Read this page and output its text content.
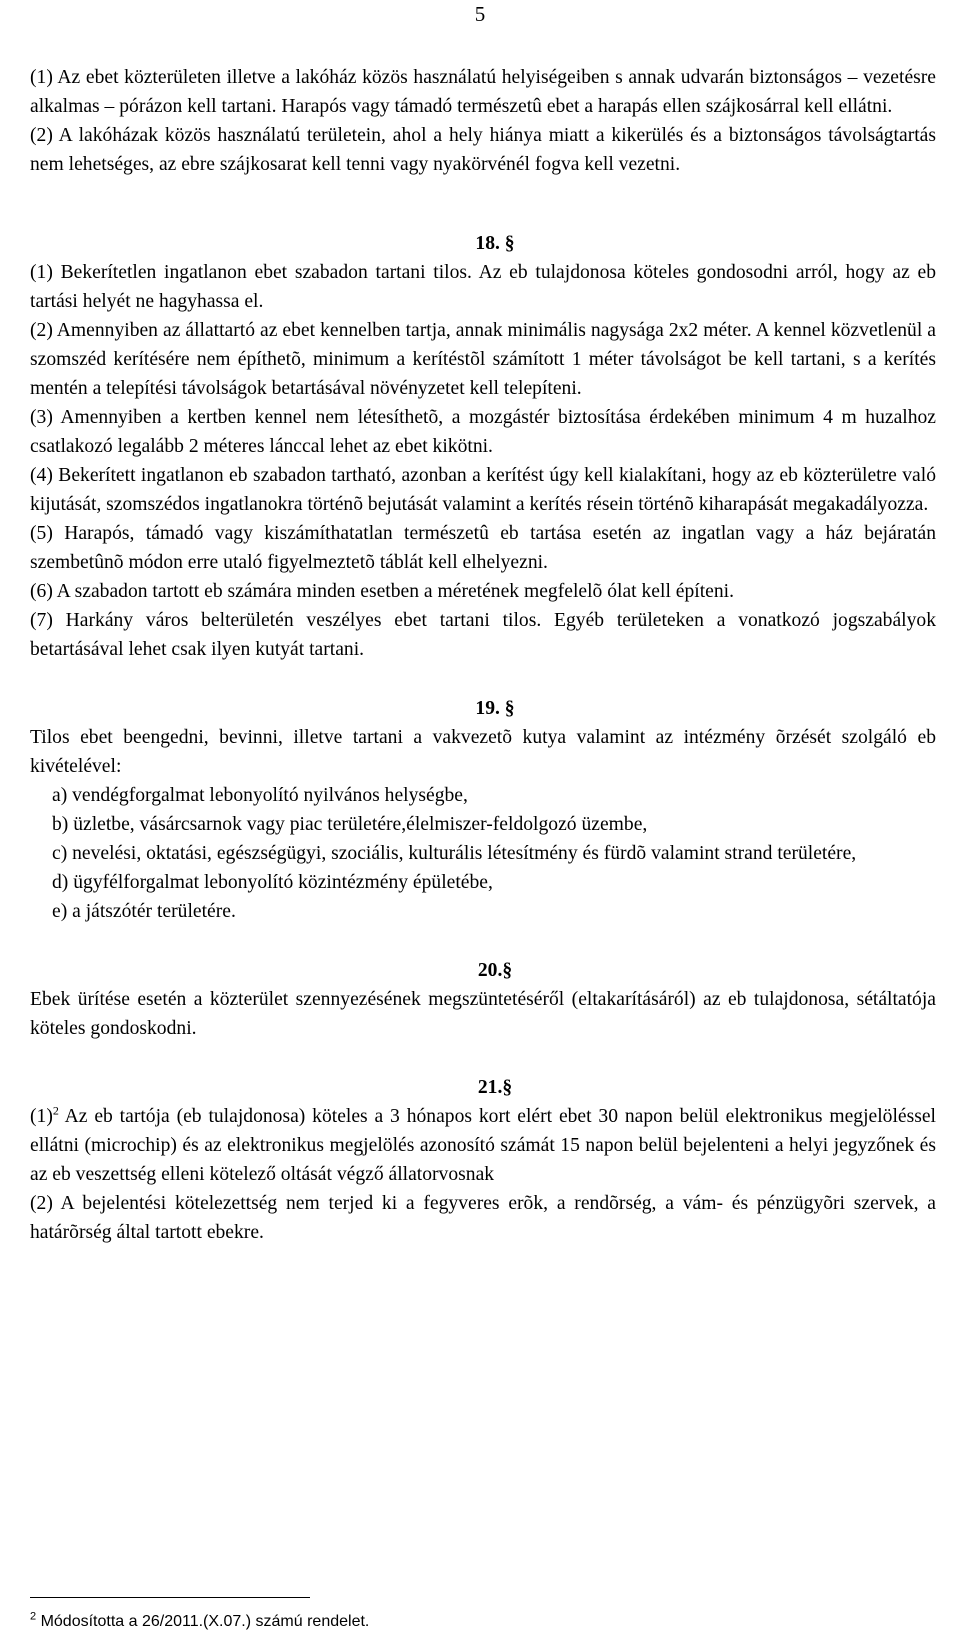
5

(1) Az ebet közterületen illetve a lakóház közös használatú helyiségeiben s annak udvarán biztonságos – vezetésre alkalmas – pórázon kell tartani. Harapós vagy támadó természetû ebet a harapás ellen szájkosárral kell ellátni.

(2) A lakóházak közös használatú területein, ahol a hely hiánya miatt a kikerülés és a biztonságos távolságtartás nem lehetséges, az ebre szájkosarat kell tenni vagy nyakörvénél fogva kell vezetni.

18. §

(1) Bekerítetlen ingatlanon ebet szabadon tartani tilos. Az eb tulajdonosa köteles gondosodni arról, hogy az eb tartási helyét ne hagyhassa el.

(2) Amennyiben az állattartó az ebet kennelben tartja, annak minimális nagysága 2x2 méter. A kennel közvetlenül a szomszéd kerítésére nem építhetõ, minimum a kerítéstõl számított 1 méter távolságot be kell tartani, s a kerítés mentén a telepítési távolságok betartásával növényzetet kell telepíteni.

(3) Amennyiben a kertben kennel nem létesíthetõ, a mozgástér biztosítása érdekében minimum 4 m huzalhoz csatlakozó legalább 2 méteres lánccal lehet az ebet kikötni.

(4) Bekerített ingatlanon eb szabadon tartható, azonban a kerítést úgy kell kialakítani, hogy az eb közterületre való kijutását, szomszédos ingatlanokra történõ bejutását valamint a kerítés résein történõ kiharapását megakadályozza.

(5) Harapós, támadó vagy kiszámíthatatlan természetû eb tartása esetén az ingatlan vagy a ház bejáratán szembetûnõ módon erre utaló figyelmeztetõ táblát kell elhelyezni.

(6) A szabadon tartott eb számára minden esetben a méretének megfelelõ ólat kell építeni.

(7) Harkány város belterületén veszélyes ebet tartani tilos. Egyéb területeken a vonatkozó jogszabályok betartásával lehet csak ilyen kutyát tartani.

19. §

Tilos ebet beengedni, bevinni, illetve tartani a vakvezetõ kutya valamint az intézmény õrzését szolgáló eb kivételével:

a) vendégforgalmat lebonyolító nyilvános helységbe,

b) üzletbe, vásárcsarnok vagy piac területére,élelmiszer-feldolgozó üzembe,

c) nevelési, oktatási, egészségügyi, szociális, kulturális létesítmény és fürdõ valamint strand területére,

d) ügyfélforgalmat lebonyolító közintézmény épületébe,

e) a játszótér területére.

20.§

Ebek ürítése esetén a közterület szennyezésének megszüntetéséről (eltakarításáról) az eb tulajdonosa, sétáltatója köteles gondoskodni.

21.§

$(1)^2$ Az eb tartója (eb tulajdonosa) köteles a 3 hónapos kort elért ebet 30 napon belül elektronikus megjelöléssel ellátni (microchip) és az elektronikus megjelölés azonosító számát 15 napon belül bejelenteni a helyi jegyzőnek és az eb veszettség elleni kötelező oltását végző állatorvosnak

(2) A bejelentési kötelezettség nem terjed ki a fegyveres erõk, a rendõrség, a vám- és pénzügyõri szervek, a határõrség által tartott ebekre.

$^2$ Módosította a 26/2011.(X.07.) számú rendelet.
